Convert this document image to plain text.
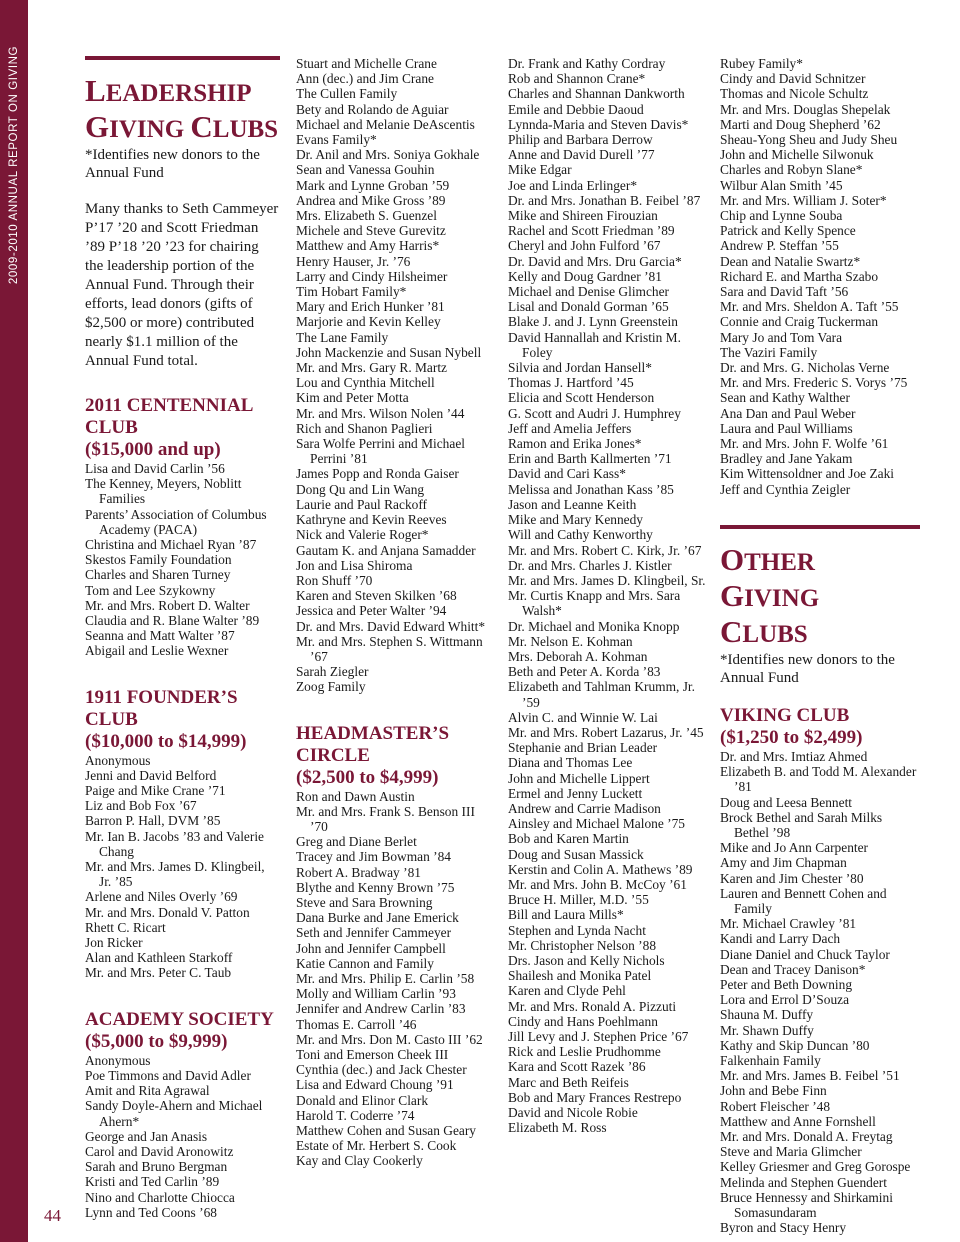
2009-2010 ANNUAL REPORT ON GIVING
44
LEADERSHIP
GIVING CLUBS

*Identifies new donors to the Annual Fund

Many thanks to Seth Cammeyer P’17 ’20 and Scott Friedman ’89 P’18 ’20 ’23 for chairing the leadership portion of the Annual Fund. Through their efforts, lead donors (gifts of $2,500 or more) contributed nearly $1.1 million of the Annual Fund total.

2011 CENTENNIAL CLUB
($15,000 and up)
Lisa and David Carlin ’56
The Kenney, Meyers, Noblitt Families
Parents’ Association of Columbus Academy (PACA)
Christina and Michael Ryan ’87
Skestos Family Foundation
Charles and Sharen Turney
Tom and Lee Szykowny
Mr. and Mrs. Robert D. Walter
Claudia and R. Blane Walter ’89
Seanna and Matt Walter ’87
Abigail and Leslie Wexner
1911 FOUNDER’S CLUB
($10,000 to $14,999)
Anonymous
Jenni and David Belford
Paige and Mike Crane ’71
Liz and Bob Fox ’67
Barron P. Hall, DVM ’85
Mr. Ian B. Jacobs ’83 and Valerie Chang
Mr. and Mrs. James D. Klingbeil, Jr. ’85
Arlene and Niles Overly ’69
Mr. and Mrs. Donald V. Patton
Rhett C. Ricart
Jon Ricker
Alan and Kathleen Starkoff
Mr. and Mrs. Peter C. Taub
ACADEMY SOCIETY
($5,000 to $9,999)
Anonymous
Poe Timmons and David Adler
Amit and Rita Agrawal
Sandy Doyle-Ahern and Michael Ahern*
George and Jan Anasis
Carol and David Aronowitz
Sarah and Bruno Bergman
Kristi and Ted Carlin ’89
Nino and Charlotte Chiocca
Lynn and Ted Coons ’68
Stuart and Michelle Crane
Ann (dec.) and Jim Crane
The Cullen Family
Bety and Rolando de Aguiar
Michael and Melanie DeAscentis
Evans Family*
Dr. Anil and Mrs. Soniya Gokhale
Sean and Vanessa Gouhin
Mark and Lynne Groban ’59
Andrea and Mike Gross ’89
Mrs. Elizabeth S. Guenzel
Michele and Steve Gurevitz
Matthew and Amy Harris*
Henry Hauser, Jr. ’76
Larry and Cindy Hilsheimer
Tim Hobart Family*
Mary and Erich Hunker ’81
Marjorie and Kevin Kelley
The Lane Family
John Mackenzie and Susan Nybell
Mr. and Mrs. Gary R. Martz
Lou and Cynthia Mitchell
Kim and Peter Motta
Mr. and Mrs. Wilson Nolen ’44
Rich and Shanon Paglieri
Sara Wolfe Perrini and Michael Perrini ’81
James Popp and Ronda Gaiser
Dong Qu and Lin Wang
Laurie and Paul Rackoff
Kathryne and Kevin Reeves
Nick and Valerie Roger*
Gautam K. and Anjana Samadder
Jon and Lisa Shiroma
Ron Shuff ’70
Karen and Steven Skilken ’68
Jessica and Peter Walter ’94
Dr. and Mrs. David Edward Whitt*
Mr. and Mrs. Stephen S. Wittmann ’67
Sarah Ziegler
Zoog Family
HEADMASTER’S CIRCLE
($2,500 to $4,999)
Ron and Dawn Austin
Mr. and Mrs. Frank S. Benson III ’70
Greg and Diane Berlet
Tracey and Jim Bowman ’84
Robert A. Bradway ’81
Blythe and Kenny Brown ’75
Steve and Sara Browning
Dana Burke and Jane Emerick
Seth and Jennifer Cammeyer
John and Jennifer Campbell
Katie Cannon and Family
Mr. and Mrs. Philip E. Carlin ’58
Molly and William Carlin ’93
Jennifer and Andrew Carlin ’83
Thomas E. Carroll ’46
Mr. and Mrs. Don M. Casto III ’62
Toni and Emerson Cheek III
Cynthia (dec.) and Jack Chester
Lisa and Edward Choung ’91
Donald and Elinor Clark
Harold T. Coderre ’74
Matthew Cohen and Susan Geary
Estate of Mr. Herbert S. Cook
Kay and Clay Cookerly
Dr. Frank and Kathy Cordray
Rob and Shannon Crane*
Charles and Shannan Dankworth
Emile and Debbie Daoud
Lynnda-Maria and Steven Davis*
Philip and Barbara Derrow
Anne and David Durell ’77
Mike Edgar
Joe and Linda Erlinger*
Dr. and Mrs. Jonathan B. Feibel ’87
Mike and Shireen Firouzian
Rachel and Scott Friedman ’89
Cheryl and John Fulford ’67
Dr. David and Mrs. Dru Garcia*
Kelly and Doug Gardner ’81
Michael and Denise Glimcher
Lisal and Donald Gorman ’65
Blake J. and J. Lynn Greenstein
David Hannallah and Kristin M. Foley
Silvia and Jordan Hansell*
Thomas J. Hartford ’45
Elicia and Scott Henderson
G. Scott and Audri J. Humphrey
Jeff and Amelia Jeffers
Ramon and Erika Jones*
Erin and Barth Kallmerten ’71
David and Cari Kass*
Melissa and Jonathan Kass ’85
Jason and Leanne Keith
Mike and Mary Kennedy
Will and Cathy Kenworthy
Mr. and Mrs. Robert C. Kirk, Jr. ’67
Dr. and Mrs. Charles J. Kistler
Mr. and Mrs. James D. Klingbeil, Sr.
Mr. Curtis Knapp and Mrs. Sara Walsh*
Dr. Michael and Monika Knopp
Mr. Nelson E. Kohman
Mrs. Deborah A. Kohman
Beth and Peter A. Korda ’83
Elizabeth and Tahlman Krumm, Jr. ’59
Alvin C. and Winnie W. Lai
Mr. and Mrs. Robert Lazarus, Jr. ’45
Stephanie and Brian Leader
Diana and Thomas Lee
John and Michelle Lippert
Ermel and Jenny Luckett
Andrew and Carrie Madison
Ainsley and Michael Malone ’75
Bob and Karen Martin
Doug and Susan Massick
Kerstin and Colin A. Mathews ’89
Mr. and Mrs. John B. McCoy ’61
Bruce H. Miller, M.D. ’55
Bill and Laura Mills*
Stephen and Lynda Nacht
Mr. Christopher Nelson ’88
Drs. Jason and Kelly Nichols
Shailesh and Monika Patel
Karen and Clyde Pehl
Mr. and Mrs. Ronald A. Pizzuti
Cindy and Hans Poehlmann
Jill Levy and J. Stephen Price ’67
Rick and Leslie Prudhomme
Kara and Scott Razek ’86
Marc and Beth Reifeis
Bob and Mary Frances Restrepo
David and Nicole Robie
Elizabeth M. Ross
Rubey Family*
Cindy and David Schnitzer
Thomas and Nicole Schultz
Mr. and Mrs. Douglas Shepelak
Marti and Doug Shepherd ’62
Sheau-Yong Sheu and Judy Sheu
John and Michelle Silwonuk
Charles and Robyn Slane*
Wilbur Alan Smith ’45
Mr. and Mrs. William J. Soter*
Chip and Lynne Souba
Patrick and Kelly Spence
Andrew P. Steffan ’55
Dean and Natalie Swartz*
Richard E. and Martha Szabo
Sara and David Taft ’56
Mr. and Mrs. Sheldon A. Taft ’55
Connie and Craig Tuckerman
Mary Jo and Tom Vara
The Vaziri Family
Dr. and Mrs. G. Nicholas Verne
Mr. and Mrs. Frederic S. Vorys ’75
Sean and Kathy Walther
Ana Dan and Paul Weber
Laura and Paul Williams
Mr. and Mrs. John F. Wolfe ’61
Bradley and Jane Yakam
Kim Wittensoldner and Joe Zaki
Jeff and Cynthia Zeigler
OTHER GIVING
CLUBS

*Identifies new donors to the Annual Fund

VIKING CLUB
($1,250 to $2,499)
Dr. and Mrs. Imtiaz Ahmed
Elizabeth B. and Todd M. Alexander ’81
Doug and Leesa Bennett
Brock Bethel and Sarah Milks Bethel ’98
Mike and Jo Ann Carpenter
Amy and Jim Chapman
Karen and Jim Chester ’80
Lauren and Bennett Cohen and Family
Mr. Michael Crawley ’81
Kandi and Larry Dach
Diane Daniel and Chuck Taylor
Dean and Tracey Danison*
Peter and Beth Downing
Lora and Errol D’Souza
Shauna M. Duffy
Mr. Shawn Duffy
Kathy and Skip Duncan ’80
Falkenhain Family
Mr. and Mrs. James B. Feibel ’51
John and Bebe Finn
Robert Fleischer ’48
Matthew and Anne Fornshell
Mr. and Mrs. Donald A. Freytag
Steve and Maria Glimcher
Kelley Griesmer and Greg Gorospe
Melinda and Stephen Guendert
Bruce Hennessy and Shirkamini Somasundaram
Byron and Stacy Henry
